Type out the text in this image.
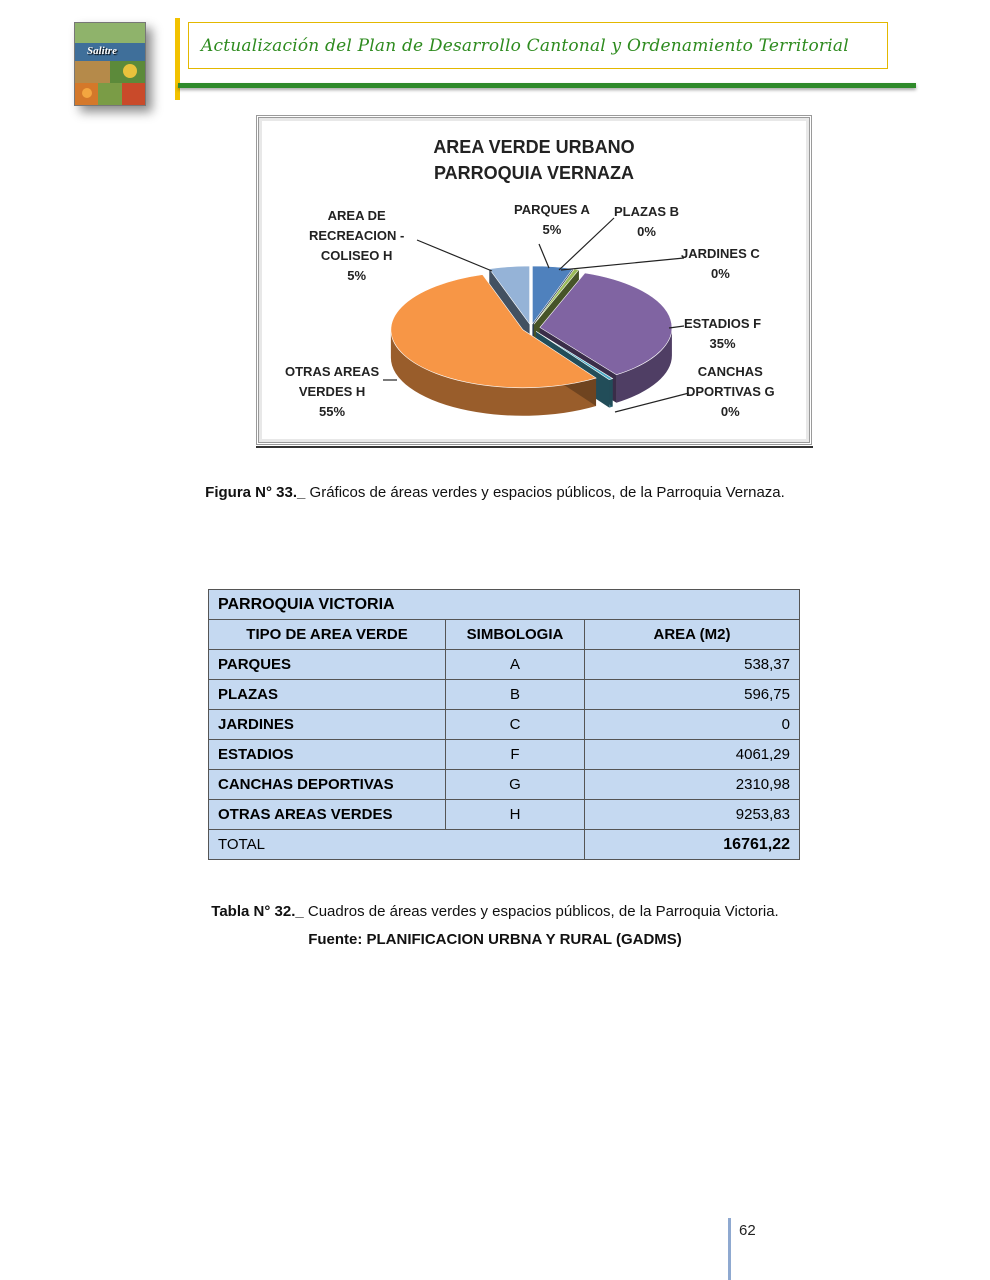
Salitre	Actualización del Plan de Desarrollo Cantonal y Ordenamiento Territorial
AREA VERDE URBANO
PARROQUIA VERNAZA
PARQUES A
5%
PLAZAS B
0%
JARDINES C
0%
ESTADIOS F
35%
CANCHAS
DPORTIVAS G
0%
OTRAS AREAS
VERDES H
55%
AREA DE
RECREACION -
COLISEO H
5%
Figura N° 33._ Gráficos de áreas verdes y espacios públicos, de la Parroquia Vernaza.
PARROQUIA VICTORIA		
TIPO DE AREA VERDE	SIMBOLOGIA	AREA (M2)
PARQUES	A	538,37
PLAZAS	B	596,75
JARDINES	C	0
ESTADIOS	F	4061,29
CANCHAS DEPORTIVAS	G	2310,98
OTRAS AREAS VERDES	H	9253,83
TOTAL		16761,22
Tabla N° 32._ Cuadros de áreas verdes y espacios públicos, de la Parroquia Victoria.
Fuente: PLANIFICACION URBNA Y RURAL (GADMS)
62
